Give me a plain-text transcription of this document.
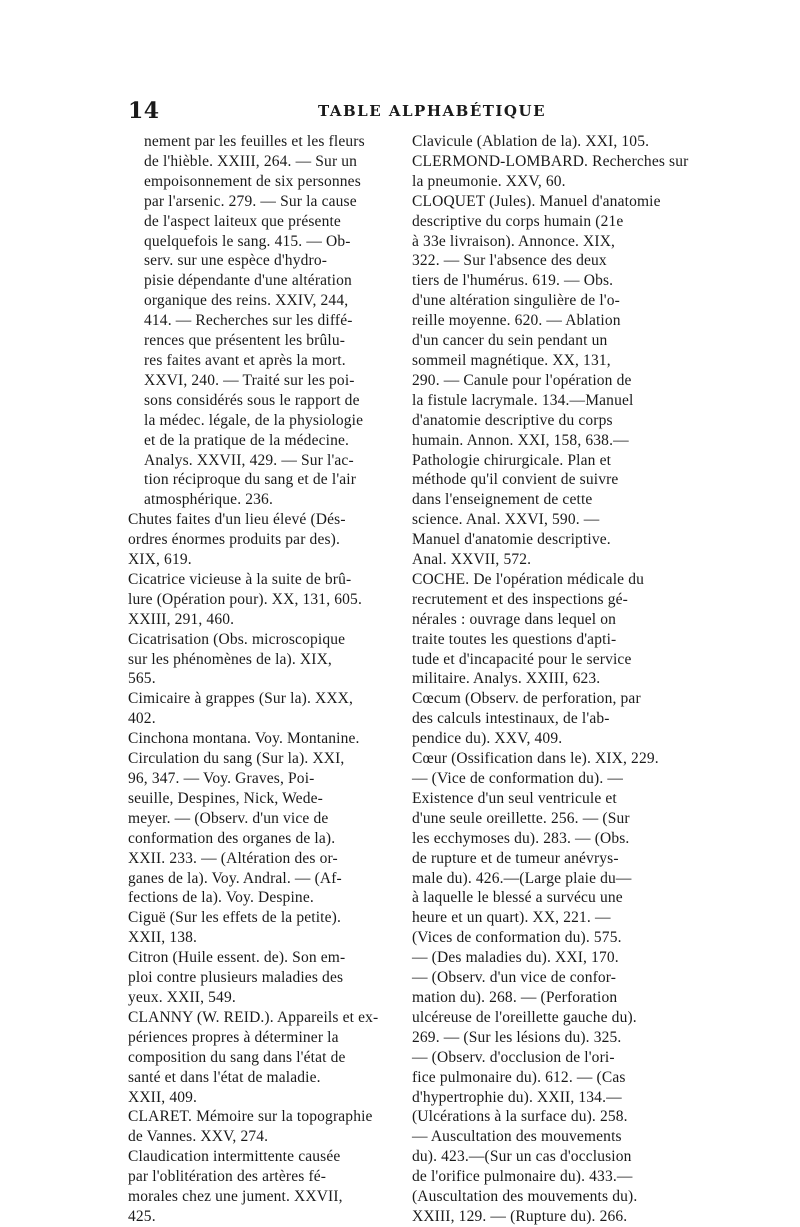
14	TABLE ALPHABÉTIQUE
nement par les feuilles et les fleurs
de l'hièble. XXIII, 264. — Sur un
empoisonnement de six personnes
par l'arsenic. 279. — Sur la cause
de l'aspect laiteux que présente
quelquefois le sang. 415. — Ob-
serv. sur une espèce d'hydro-
pisie dépendante d'une altération
organique des reins. XXIV, 244,
414. — Recherches sur les diffé-
rences que présentent les brûlu-
res faites avant et après la mort.
XXVI, 240. — Traité sur les poi-
sons considérés sous le rapport de
la médec. légale, de la physiologie
et de la pratique de la médecine.
Analys. XXVII, 429. — Sur l'ac-
tion réciproque du sang et de l'air
atmosphérique. 236.
Chutes faites d'un lieu élevé (Dés-
ordres énormes produits par des).
XIX, 619.
Cicatrice vicieuse à la suite de brû-
lure (Opération pour). XX, 131, 605.
XXIII, 291, 460.
Cicatrisation (Obs. microscopique
sur les phénomènes de la). XIX,
565.
Cimicaire à grappes (Sur la). XXX,
402.
Cinchona montana. Voy. Montanine.
Circulation du sang (Sur la). XXI,
96, 347. — Voy. Graves, Poi-
seuille, Despines, Nick, Wede-
meyer. — (Observ. d'un vice de
conformation des organes de la).
XXII. 233. — (Altération des or-
ganes de la). Voy. Andral. — (Af-
fections de la). Voy. Despine.
Ciguë (Sur les effets de la petite).
XXII, 138.
Citron (Huile essent. de). Son em-
ploi contre plusieurs maladies des
yeux. XXII, 549.
CLANNY (W. REID.). Appareils et ex-
périences propres à déterminer la
composition du sang dans l'état de
santé et dans l'état de maladie.
XXII, 409.
CLARET. Mémoire sur la topographie
de Vannes. XXV, 274.
Claudication intermittente causée
par l'oblitération des artères fé-
morales chez une jument. XXVII,
425.
Clavicule (Ablation de la). XXI, 105.
CLERMOND-LOMBARD. Recherches sur
la pneumonie. XXV, 60.
CLOQUET (Jules). Manuel d'anatomie
descriptive du corps humain (21e
à 33e livraison). Annonce. XIX,
322. — Sur l'absence des deux
tiers de l'humérus. 619. — Obs.
d'une altération singulière de l'o-
reille moyenne. 620. — Ablation
d'un cancer du sein pendant un
sommeil magnétique. XX, 131,
290. — Canule pour l'opération de
la fistule lacrymale. 134.—Manuel
d'anatomie descriptive du corps
humain. Annon. XXI, 158, 638.—
Pathologie chirurgicale. Plan et
méthode qu'il convient de suivre
dans l'enseignement de cette
science. Anal. XXVI, 590. —
Manuel d'anatomie descriptive.
Anal. XXVII, 572.
COCHE. De l'opération médicale du
recrutement et des inspections gé-
nérales : ouvrage dans lequel on
traite toutes les questions d'apti-
tude et d'incapacité pour le service
militaire. Analys. XXIII, 623.
Cœcum (Observ. de perforation, par
des calculs intestinaux, de l'ab-
pendice du). XXV, 409.
Cœur (Ossification dans le). XIX, 229.
— (Vice de conformation du). —
Existence d'un seul ventricule et
d'une seule oreillette. 256. — (Sur
les ecchymoses du). 283. — (Obs.
de rupture et de tumeur anévrys-
male du). 426.—(Large plaie du—
à laquelle le blessé a survécu une
heure et un quart). XX, 221. —
(Vices de conformation du). 575.
— (Des maladies du). XXI, 170.
— (Observ. d'un vice de confor-
mation du). 268. — (Perforation
ulcéreuse de l'oreillette gauche du).
269. — (Sur les lésions du). 325.
— (Observ. d'occlusion de l'ori-
fice pulmonaire du). 612. — (Cas
d'hypertrophie du). XXII, 134.—
(Ulcérations à la surface du). 258.
— Auscultation des mouvements
du). 423.—(Sur un cas d'occlusion
de l'orifice pulmonaire du). 433.—
(Auscultation des mouvements du).
XXIII, 129. — (Rupture du). 266.
